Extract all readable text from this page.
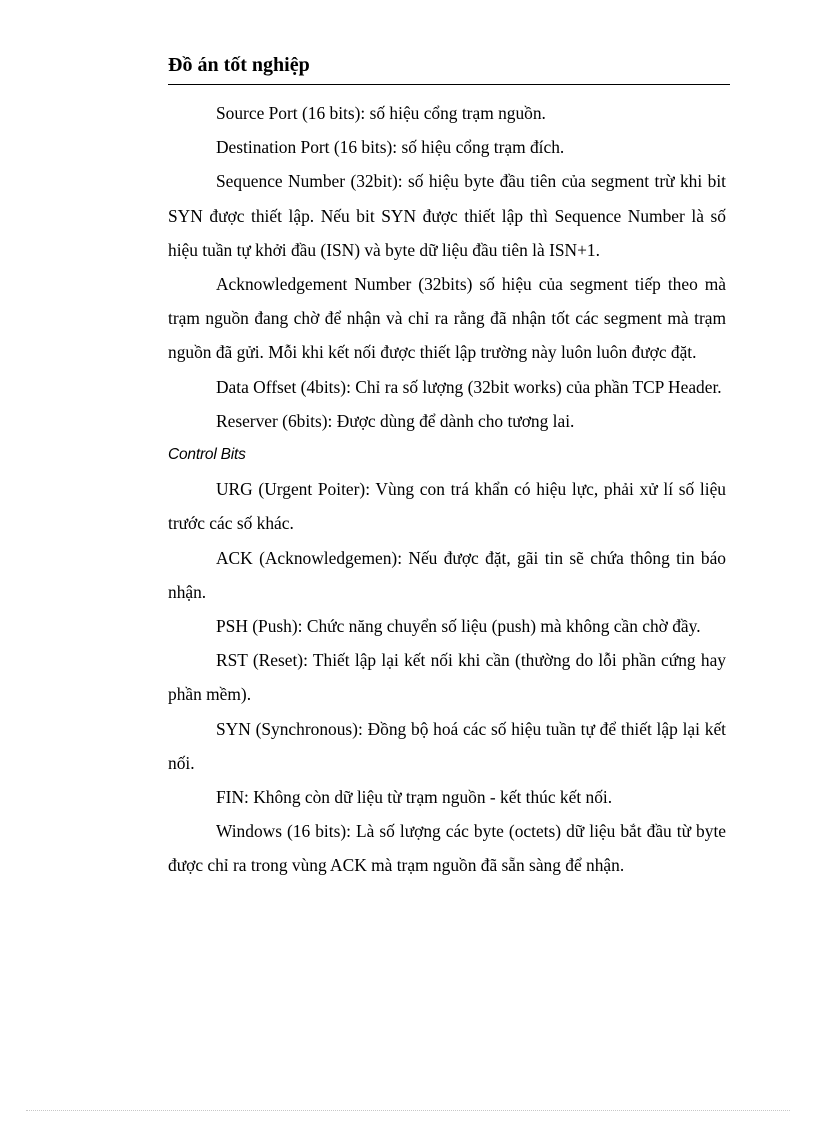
Đồ án tốt nghiệp

Source Port (16 bits): số hiệu cổng trạm nguồn.

Destination Port (16 bits): số hiệu cổng trạm đích.

Sequence Number (32bit): số hiệu byte đầu tiên của segment trừ khi bit SYN được thiết lập. Nếu bit SYN được thiết lập thì Sequence Number là số hiệu tuần tự khởi đầu (ISN) và byte dữ liệu đầu tiên là ISN+1.

Acknowledgement Number (32bits) số hiệu của segment tiếp theo mà trạm nguồn đang chờ để nhận và chỉ ra rằng đã nhận tốt các segment mà trạm nguồn đã gửi. Mỗi khi kết nối được thiết lập trường này luôn luôn được đặt.

Data Offset (4bits): Chỉ ra số lượng (32bit works) của phần TCP Header.

Reserver (6bits): Được dùng để dành cho tương lai.

Control Bits

URG (Urgent Poiter): Vùng con trá khẩn có hiệu lực, phải xử lí số liệu trước các số khác.

ACK (Acknowledgemen): Nếu được đặt, gãi tin sẽ chứa thông tin báo nhận.

PSH (Push): Chức năng chuyển số liệu (push) mà không cần chờ đầy.

RST (Reset): Thiết lập lại kết nối khi cần (thường do lỗi phần cứng hay phần mềm).

SYN (Synchronous): Đồng bộ hoá các số hiệu tuần tự để thiết lập lại kết nối.

FIN: Không còn dữ liệu từ trạm nguồn - kết thúc kết nối.

Windows (16 bits): Là số lượng các byte (octets) dữ liệu bắt đầu từ byte được chỉ ra trong vùng ACK mà trạm nguồn đã sẵn sàng để nhận.
